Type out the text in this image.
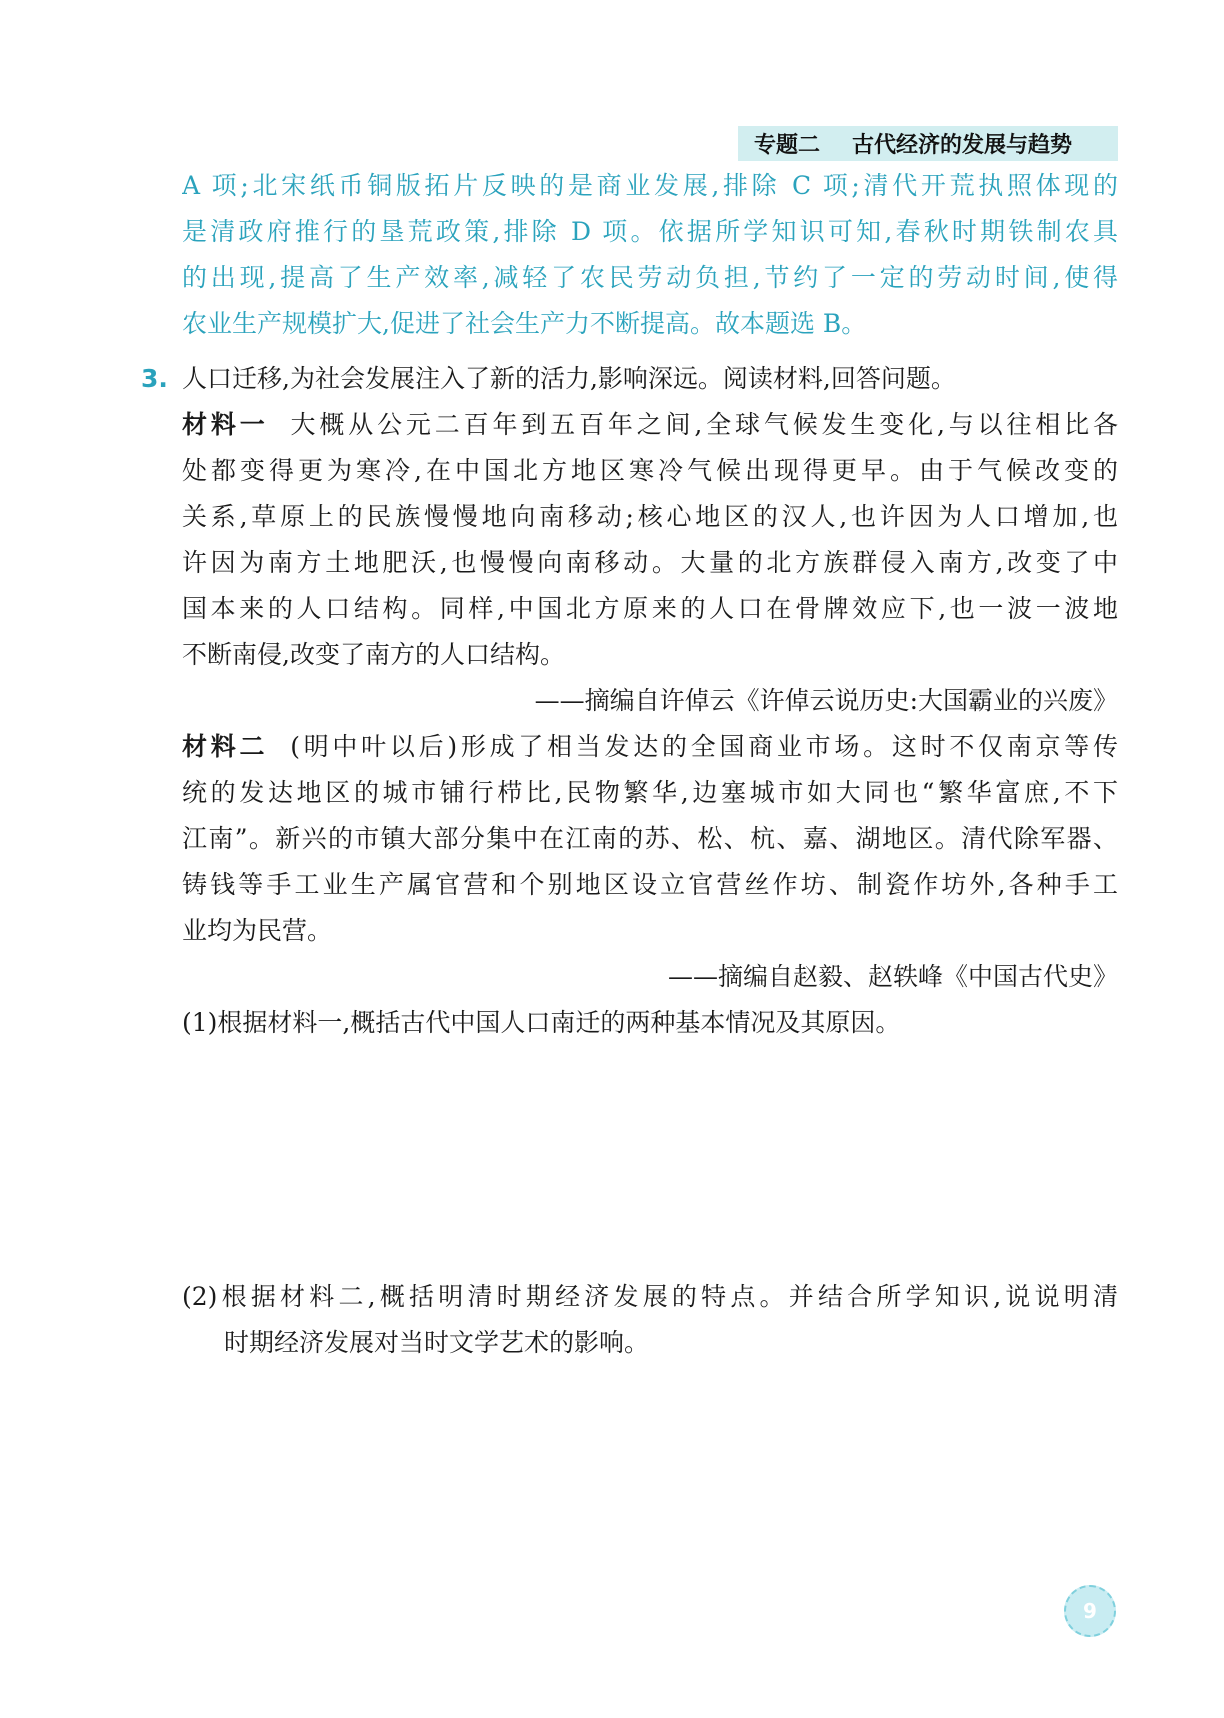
专题二 古代经济的发展与趋势
A 项;北宋纸币铜版拓片反映的是商业发展,排除 C 项;清代开荒执照体现的
是清政府推行的垦荒政策,排除 D 项。依据所学知识可知,春秋时期铁制农具
的出现,提高了生产效率,减轻了农民劳动负担,节约了一定的劳动时间,使得
农业生产规模扩大,促进了社会生产力不断提高。故本题选 B。
3. 人口迁移,为社会发展注入了新的活力,影响深远。阅读材料,回答问题。
材料一 大概从公元二百年到五百年之间,全球气候发生变化,与以往相比各
处都变得更为寒冷,在中国北方地区寒冷气候出现得更早。由于气候改变的
关系,草原上的民族慢慢地向南移动;核心地区的汉人,也许因为人口增加,也
许因为南方土地肥沃,也慢慢向南移动。大量的北方族群侵入南方,改变了中
国本来的人口结构。同样,中国北方原来的人口在骨牌效应下,也一波一波地
不断南侵,改变了南方的人口结构。
——摘编自许倬云《许倬云说历史:大国霸业的兴废》
材料二 (明中叶以后)形成了相当发达的全国商业市场。这时不仅南京等传
统的发达地区的城市铺行栉比,民物繁华,边塞城市如大同也“繁华富庶,不下
江南”。新兴的市镇大部分集中在江南的苏、松、杭、嘉、湖地区。清代除军器、
铸钱等手工业生产属官营和个别地区设立官营丝作坊、制瓷作坊外,各种手工
业均为民营。
——摘编自赵毅、赵轶峰《中国古代史》
(1)根据材料一,概括古代中国人口南迁的两种基本情况及其原因。
(2)根据材料二,概括明清时期经济发展的特点。并结合所学知识,说说明清
时期经济发展对当时文学艺术的影响。
9
